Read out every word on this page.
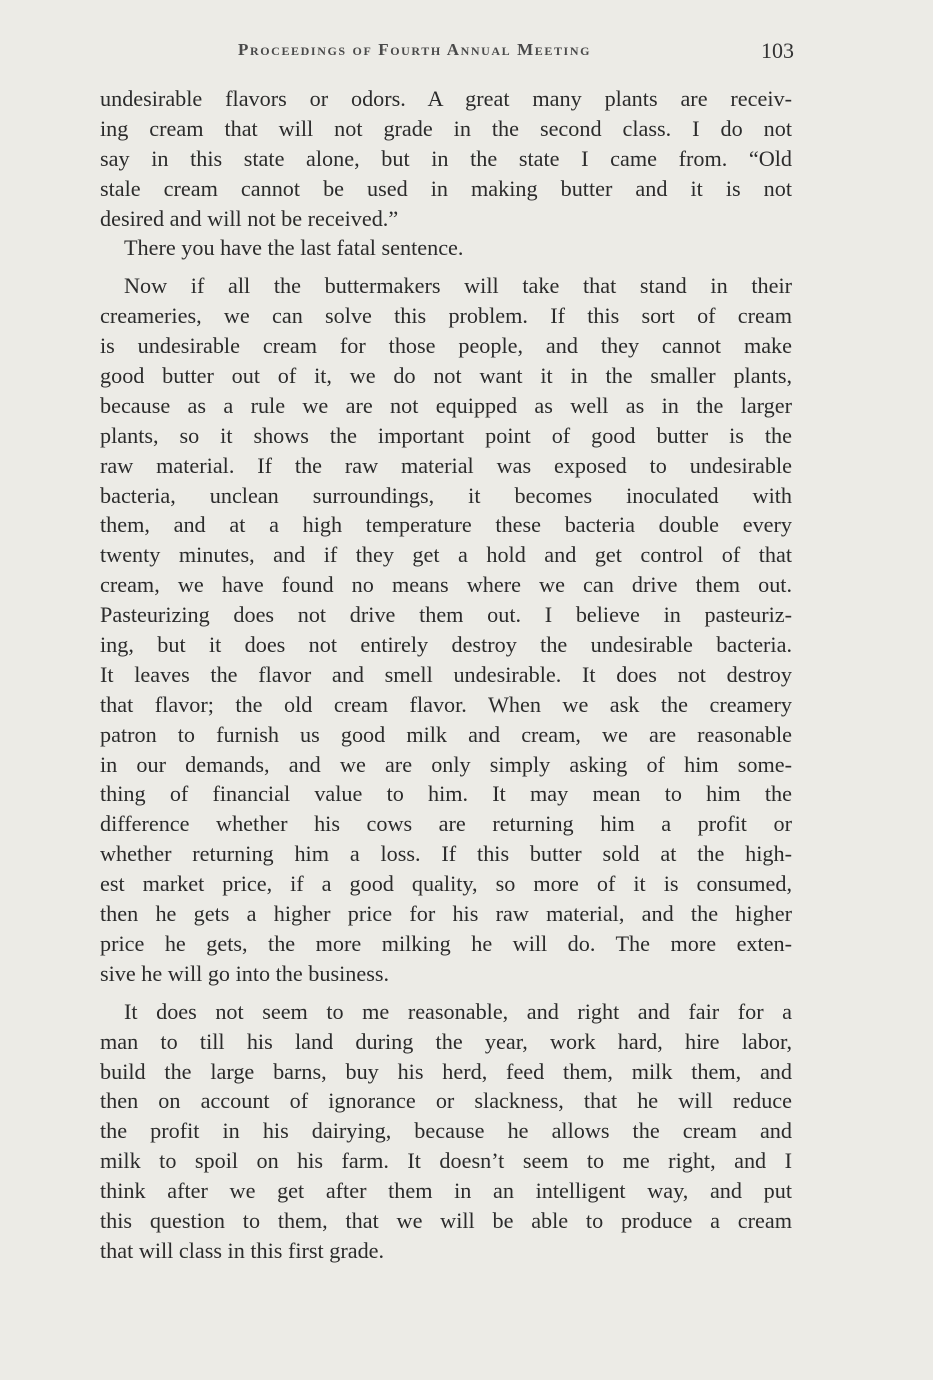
Proceedings of Fourth Annual Meeting	103
undesirable flavors or odors. A great many plants are receiv-
ing cream that will not grade in the second class. I do not
say in this state alone, but in the state I came from. “Old
stale cream cannot be used in making butter and it is not
desired and will not be received.”
There you have the last fatal sentence.
Now if all the buttermakers will take that stand in their
creameries, we can solve this problem. If this sort of cream
is undesirable cream for those people, and they cannot make
good butter out of it, we do not want it in the smaller plants,
because as a rule we are not equipped as well as in the larger
plants, so it shows the important point of good butter is the
raw material. If the raw material was exposed to undesirable
bacteria, unclean surroundings, it becomes inoculated with
them, and at a high temperature these bacteria double every
twenty minutes, and if they get a hold and get control of that
cream, we have found no means where we can drive them out.
Pasteurizing does not drive them out. I believe in pasteuriz-
ing, but it does not entirely destroy the undesirable bacteria.
It leaves the flavor and smell undesirable. It does not destroy
that flavor; the old cream flavor. When we ask the creamery
patron to furnish us good milk and cream, we are reasonable
in our demands, and we are only simply asking of him some-
thing of financial value to him. It may mean to him the
difference whether his cows are returning him a profit or
whether returning him a loss. If this butter sold at the high-
est market price, if a good quality, so more of it is consumed,
then he gets a higher price for his raw material, and the higher
price he gets, the more milking he will do. The more exten-
sive he will go into the business.
It does not seem to me reasonable, and right and fair for a
man to till his land during the year, work hard, hire labor,
build the large barns, buy his herd, feed them, milk them, and
then on account of ignorance or slackness, that he will reduce
the profit in his dairying, because he allows the cream and
milk to spoil on his farm. It doesn’t seem to me right, and I
think after we get after them in an intelligent way, and put
this question to them, that we will be able to produce a cream
that will class in this first grade.
